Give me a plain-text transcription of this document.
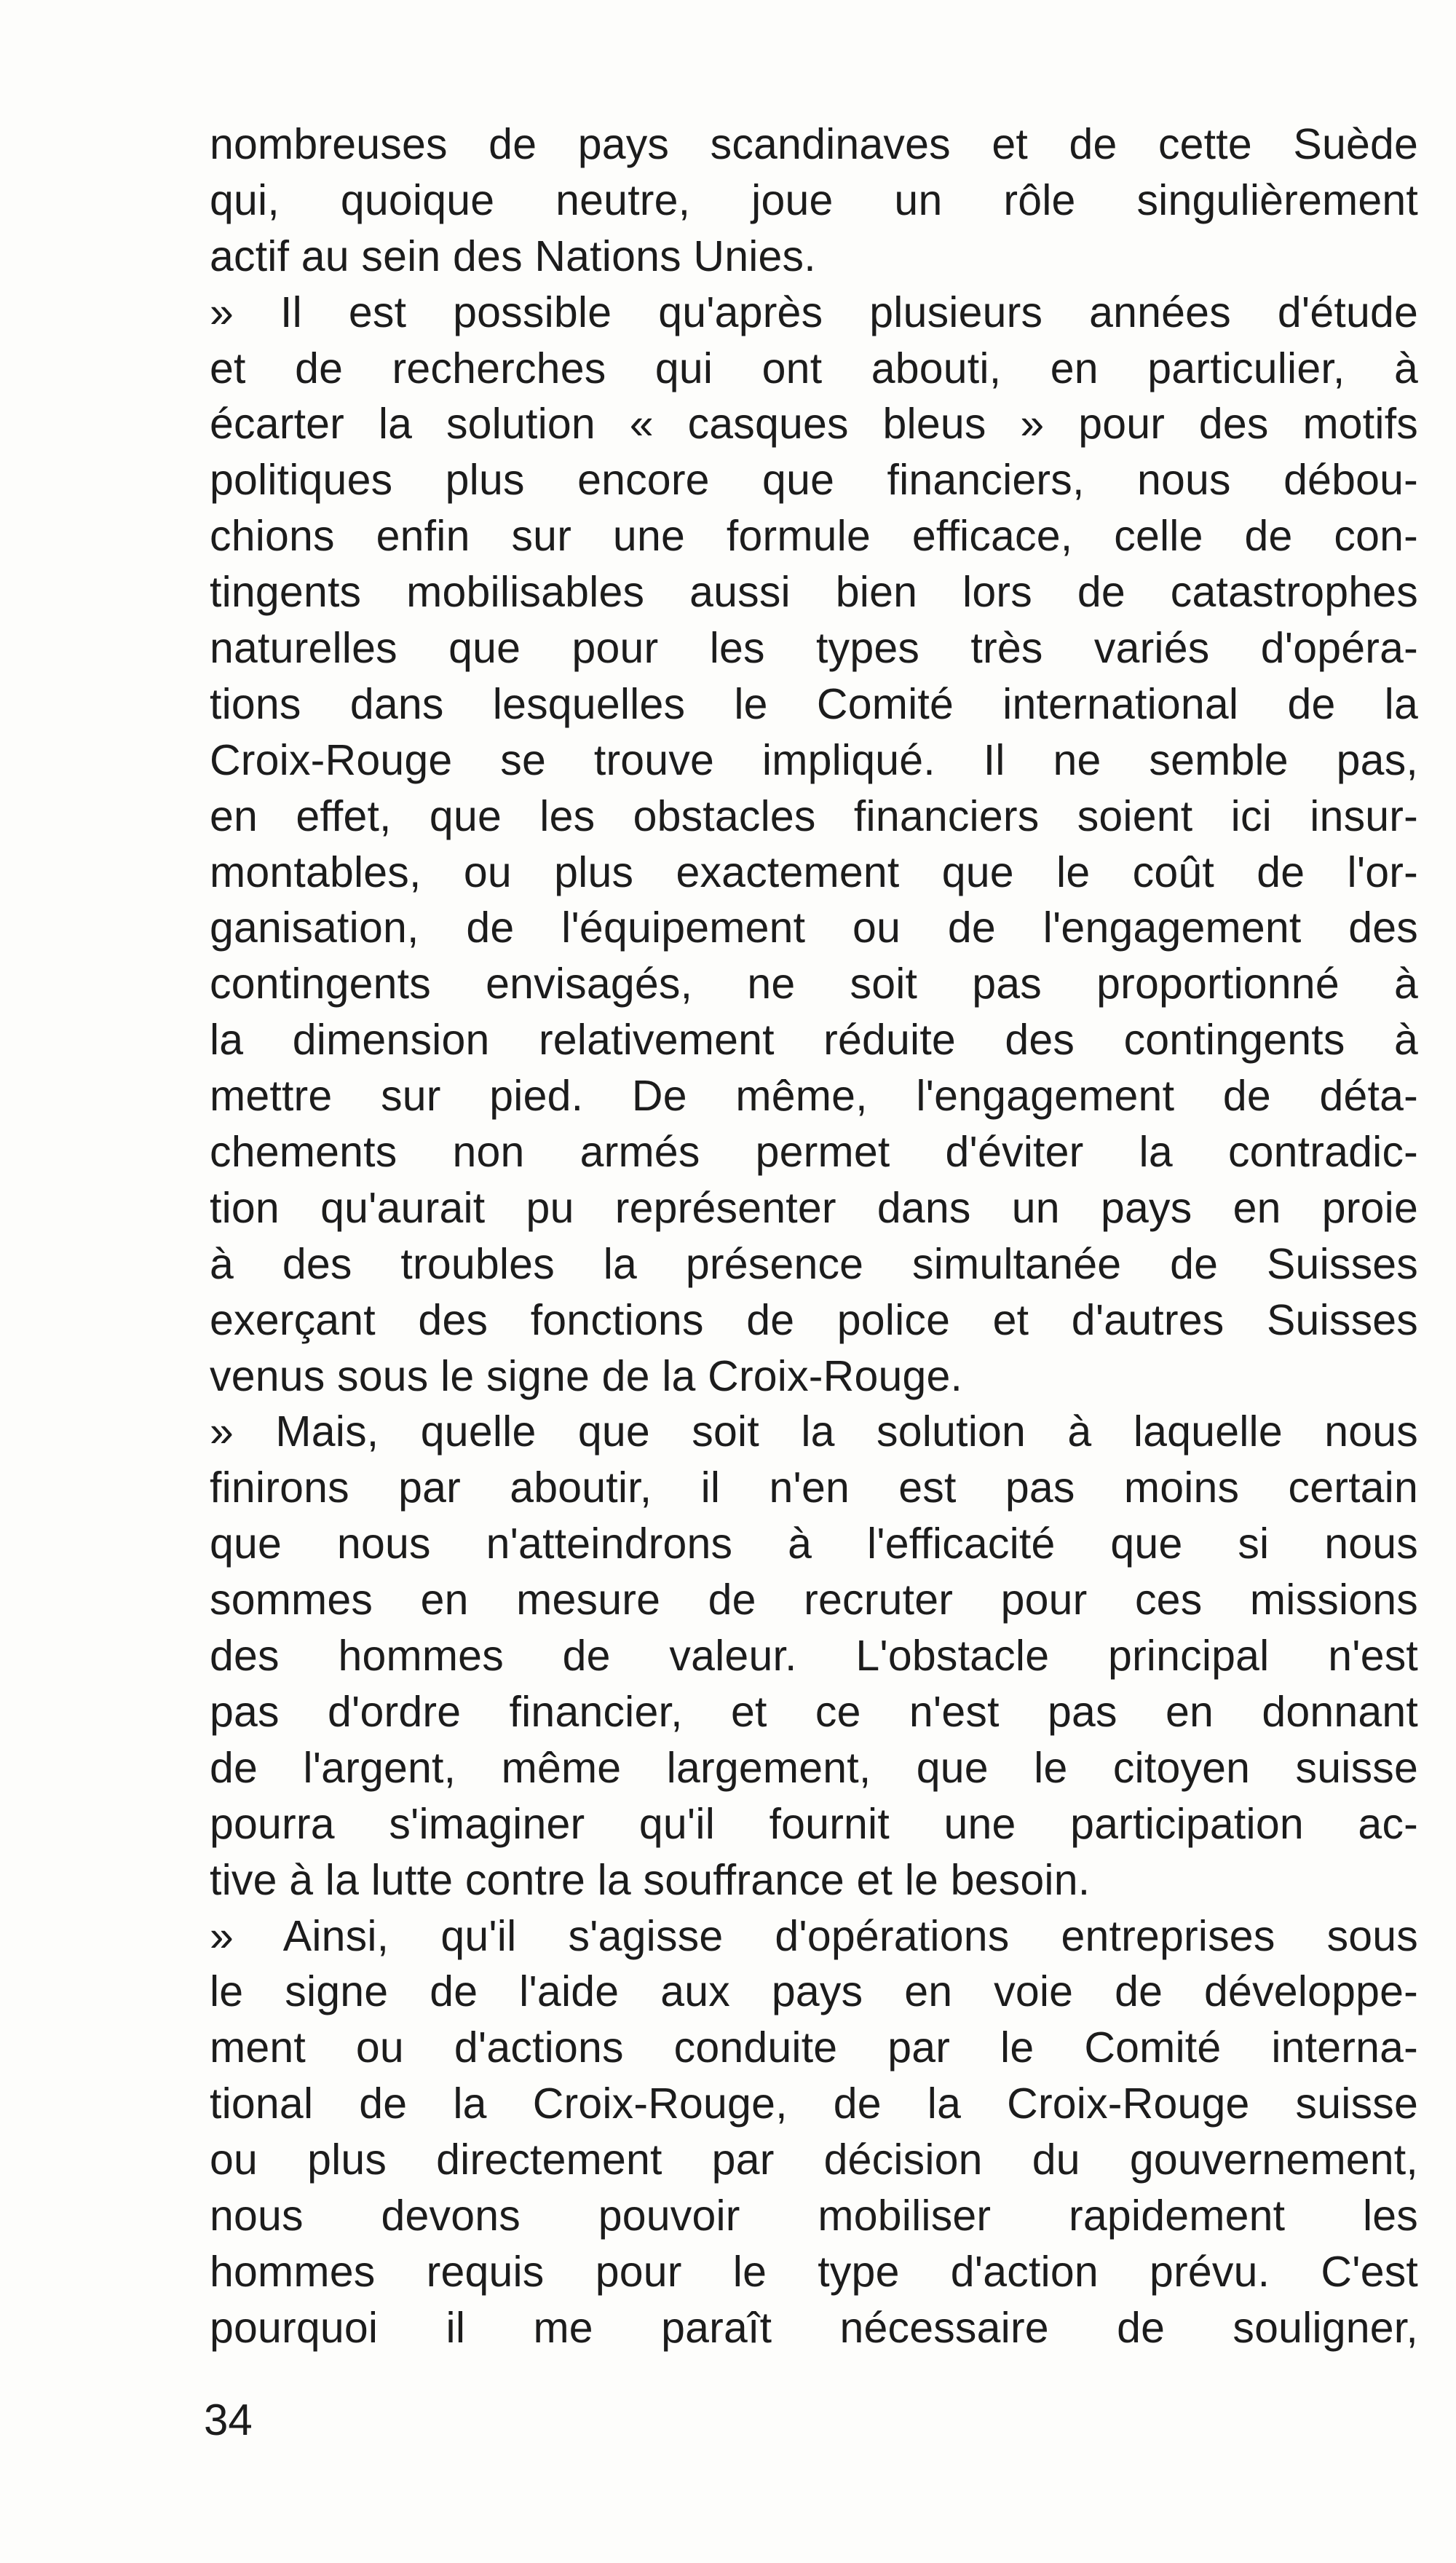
nombreuses de pays scandinaves et de cette Suède
qui, quoique neutre, joue un rôle singulièrement
actif au sein des Nations Unies.
» Il est possible qu'après plusieurs années d'étude
et de recherches qui ont abouti, en particulier, à
écarter la solution « casques bleus » pour des motifs
politiques plus encore que financiers, nous débou-
chions enfin sur une formule efficace, celle de con-
tingents mobilisables aussi bien lors de catastrophes
naturelles que pour les types très variés d'opéra-
tions dans lesquelles le Comité international de la
Croix-Rouge se trouve impliqué. Il ne semble pas,
en effet, que les obstacles financiers soient ici insur-
montables, ou plus exactement que le coût de l'or-
ganisation, de l'équipement ou de l'engagement des
contingents envisagés, ne soit pas proportionné à
la dimension relativement réduite des contingents à
mettre sur pied. De même, l'engagement de déta-
chements non armés permet d'éviter la contradic-
tion qu'aurait pu représenter dans un pays en proie
à des troubles la présence simultanée de Suisses
exerçant des fonctions de police et d'autres Suisses
venus sous le signe de la Croix-Rouge.
» Mais, quelle que soit la solution à laquelle nous
finirons par aboutir, il n'en est pas moins certain
que nous n'atteindrons à l'efficacité que si nous
sommes en mesure de recruter pour ces missions
des hommes de valeur. L'obstacle principal n'est
pas d'ordre financier, et ce n'est pas en donnant
de l'argent, même largement, que le citoyen suisse
pourra s'imaginer qu'il fournit une participation ac-
tive à la lutte contre la souffrance et le besoin.
» Ainsi, qu'il s'agisse d'opérations entreprises sous
le signe de l'aide aux pays en voie de développe-
ment ou d'actions conduite par le Comité interna-
tional de la Croix-Rouge, de la Croix-Rouge suisse
ou plus directement par décision du gouvernement,
nous devons pouvoir mobiliser rapidement les
hommes requis pour le type d'action prévu. C'est
pourquoi il me paraît nécessaire de souligner,
34
